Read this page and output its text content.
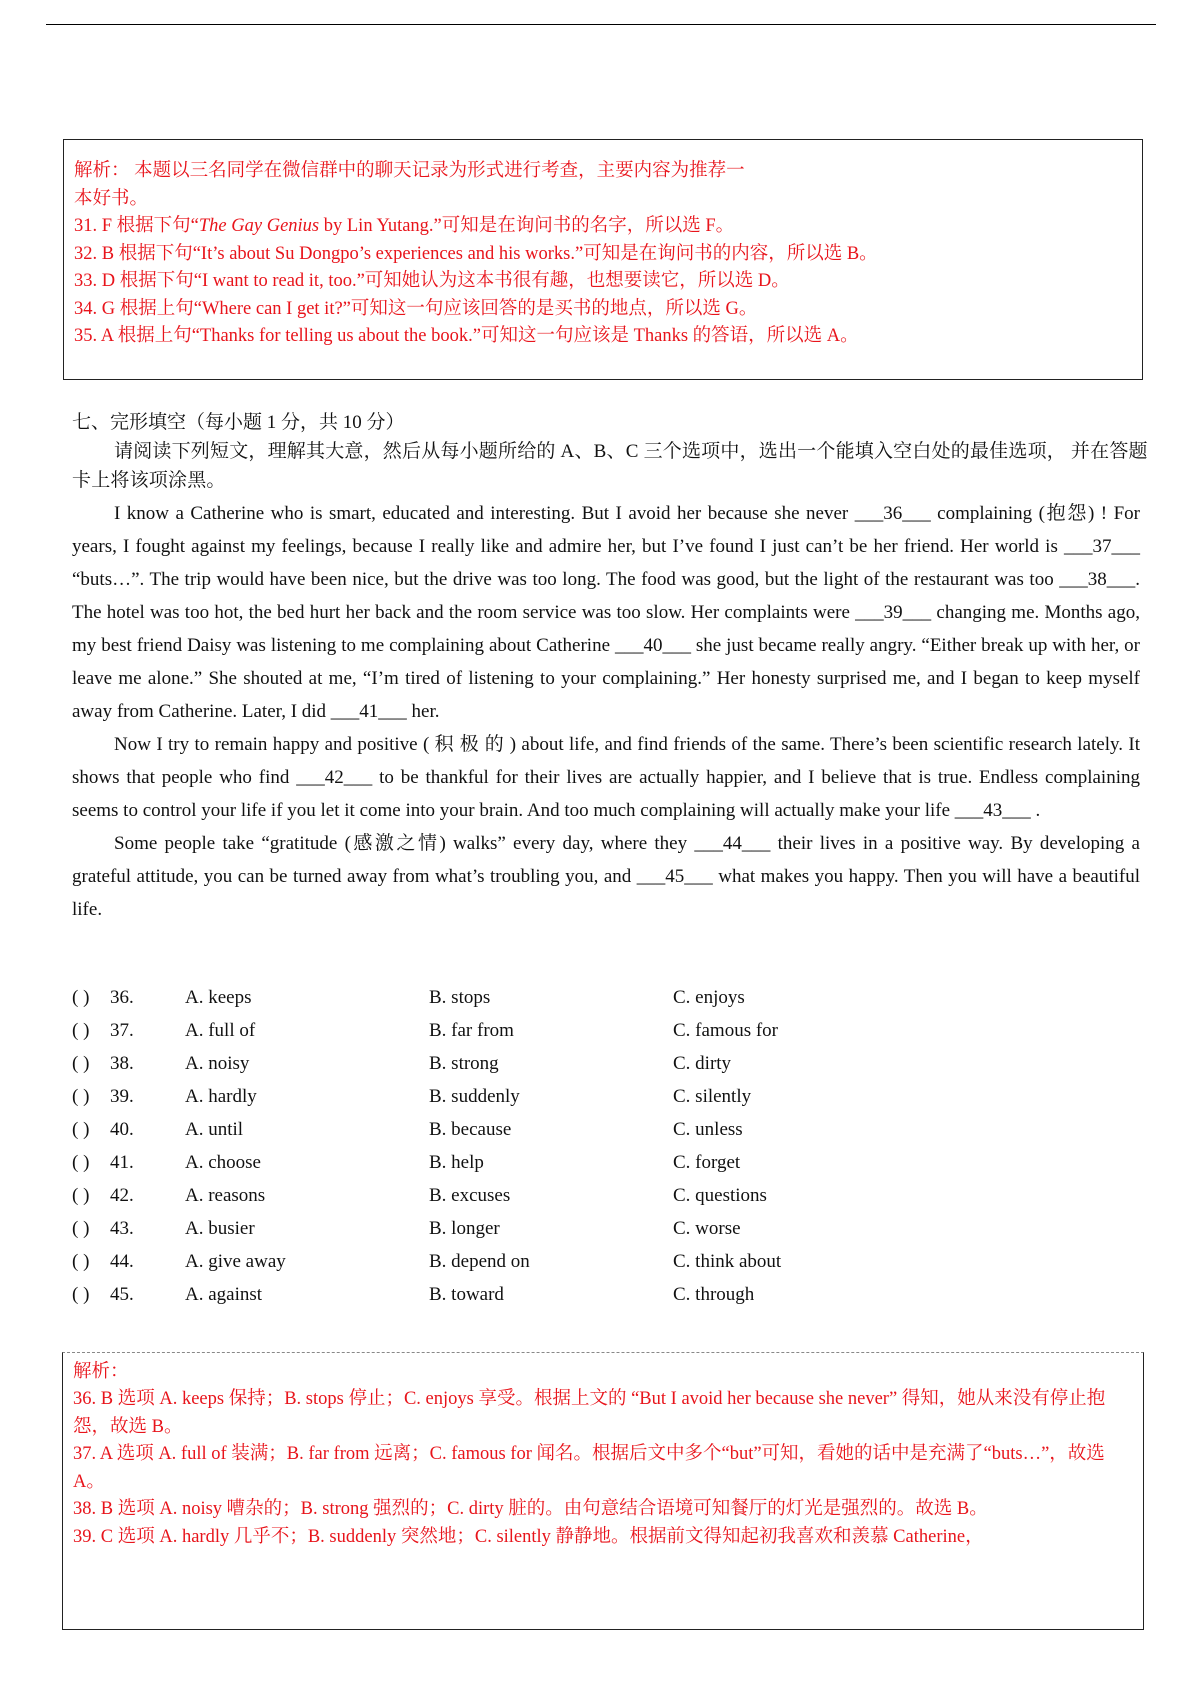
解析： 本题以三名同学在微信群中的聊天记录为形式进行考查，主要内容为推荐一
本好书。
31. F 根据下句“The Gay Genius by Lin Yutang.”可知是在询问书的名字，所以选 F。
32. B 根据下句“It’s about Su Dongpo’s experiences and his works.”可知是在询问书的内容，所以选 B。
33. D 根据下句“I want to read it, too.”可知她认为这本书很有趣，也想要读它，所以选 D。
34. G 根据上句“Where can I get it?”可知这一句应该回答的是买书的地点，所以选 G。
35. A 根据上句“Thanks for telling us about the book.”可知这一句应该是 Thanks 的答语，所以选 A。

七、完形填空（每小题 1 分，共 10 分）

请阅读下列短文，理解其大意，然后从每小题所给的 A、B、C 三个选项中，选出一个能填入空白处的最佳选项， 并在答题卡上将该项涂黑。

I know a Catherine who is smart, educated and interesting. But I avoid her because she never ___36___ complaining (抱怨) ! For years, I fought against my feelings, because I really like and admire her, but I’ve found I just can’t be her friend. Her world is ___37___ “buts…”. The trip would have been nice, but the drive was too long. The food was good, but the light of the restaurant was too ___38___. The hotel was too hot, the bed hurt her back and the room service was too slow. Her complaints were ___39___ changing me. Months ago, my best friend Daisy was listening to me complaining about Catherine ___40___ she just became really angry. “Either break up with her, or leave me alone.” She shouted at me, “I’m tired of listening to your complaining.” Her honesty surprised me, and I began to keep myself away from Catherine. Later, I did ___41___ her.

Now I try to remain happy and positive ( 积 极 的 ) about life, and find friends of the same. There’s been scientific research lately. It shows that people who find ___42___ to be thankful for their lives are actually happier, and I believe that is true. Endless complaining seems to control your life if you let it come into your brain. And too much complaining will actually make your life ___43___ .

Some people take “gratitude (感激之情) walks” every day, where they ___44___ their lives in a positive way. By developing a grateful attitude, you can be turned away from what’s troubling you, and ___45___ what makes you happy. Then you will have a beautiful life.

( ) 36.	A. keeps	B. stops	C. enjoys
( ) 37.	A. full of	B. far from	C. famous for
( ) 38.	A. noisy	B. strong	C. dirty
( ) 39.	A. hardly	B. suddenly	C. silently
( ) 40.	A. until	B. because	C. unless
( ) 41.	A. choose	B. help	C. forget
( ) 42.	A. reasons	B. excuses	C. questions
( ) 43.	A. busier	B. longer	C. worse
( ) 44.	A. give away	B. depend on	C. think about
( ) 45.	A. against	B. toward	C. through
解析：
36. B 选项 A. keeps 保持；B. stops 停止；C. enjoys 享受。根据上文的 “But I avoid her because she never” 得知，她从来没有停止抱怨，故选 B。
37. A 选项 A. full of 装满；B. far from 远离；C. famous for 闻名。根据后文中多个“but”可知，看她的话中是充满了“buts…”，故选 A。
38. B 选项 A. noisy 嘈杂的；B. strong 强烈的；C. dirty 脏的。由句意结合语境可知餐厅的灯光是强烈的。故选 B。
39. C 选项 A. hardly 几乎不；B. suddenly 突然地；C. silently 静静地。根据前文得知起初我喜欢和羡慕 Catherine，
